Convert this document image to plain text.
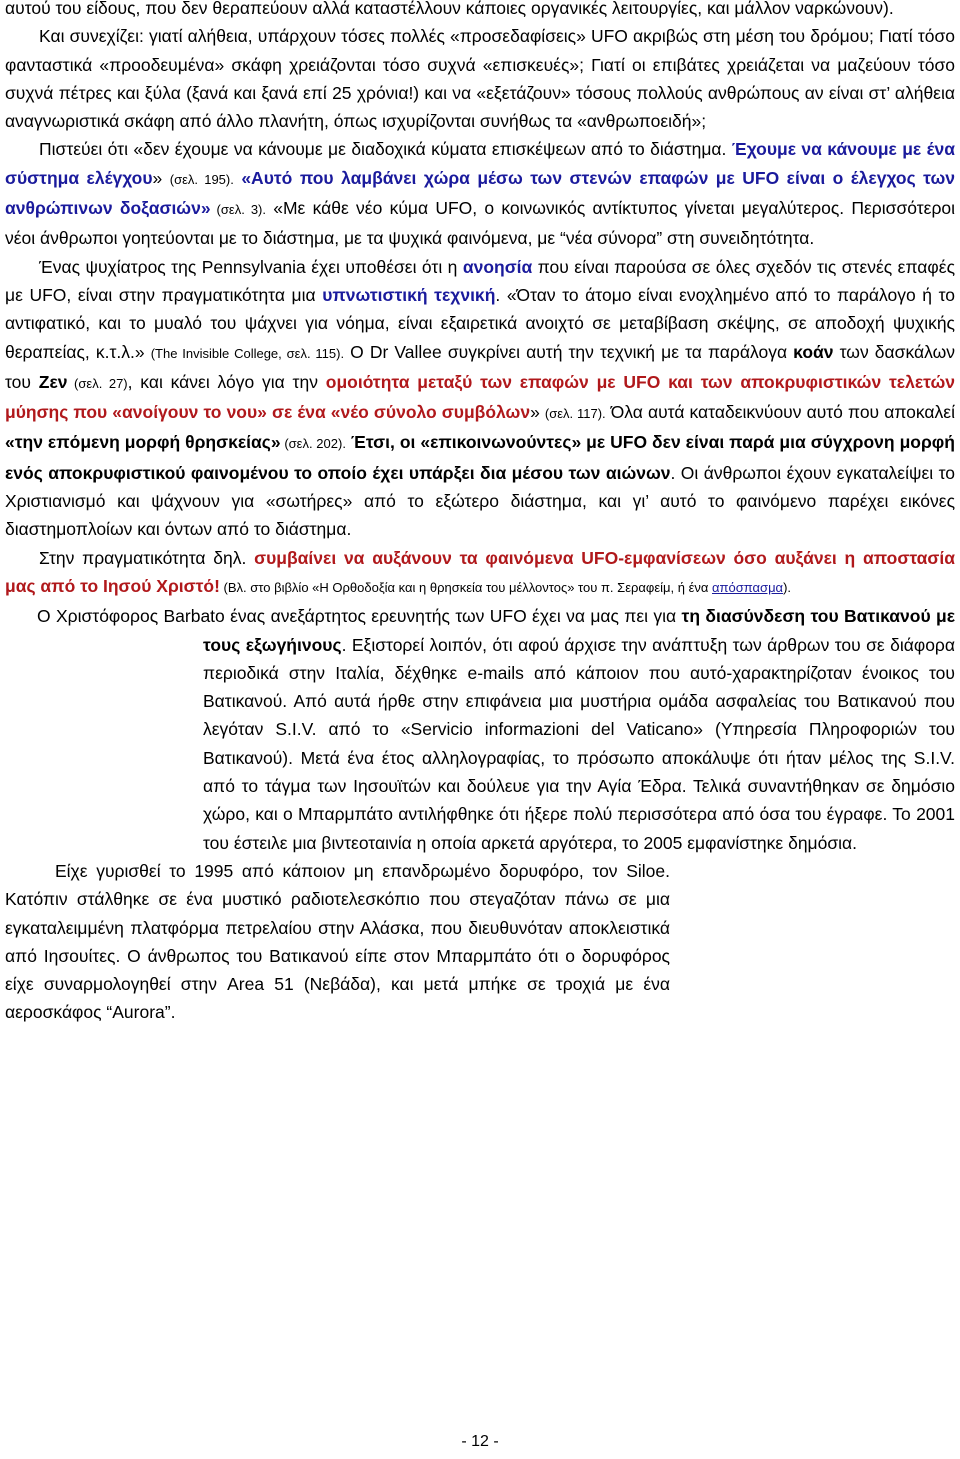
αυτού του είδους, που δεν θεραπεύουν αλλά καταστέλλουν κάποιες οργανικές λειτουργίες, και μάλλον ναρκώνουν).

Και συνεχίζει: γιατί αλήθεια, υπάρχουν τόσες πολλές «προσεδαφίσεις» UFO ακριβώς στη μέση του δρόμου; Γιατί τόσο φανταστικά «προοδευμένα» σκάφη χρειάζονται τόσο συχνά «επισκευές»; Γιατί οι επιβάτες χρειάζεται να μαζεύουν τόσο συχνά πέτρες και ξύλα (ξανά και ξανά επί 25 χρόνια!) και να «εξετάζουν» τόσους πολλούς ανθρώπους αν είναι στ’ αλήθεια αναγνωριστικά σκάφη από άλλο πλανήτη, όπως ισχυρίζονται συνήθως τα «ανθρωποειδή»;

Πιστεύει ότι «δεν έχουμε να κάνουμε με διαδοχικά κύματα επισκέψεων από το διάστημα. Έχουμε να κάνουμε με ένα σύστημα ελέγχου» (σελ. 195). «Αυτό που λαμβάνει χώρα μέσω των στενών επαφών με UFO είναι ο έλεγχος των ανθρώπινων δοξασιών» (σελ. 3). «Με κάθε νέο κύμα UFO, ο κοινωνικός αντίκτυπος γίνεται μεγαλύτερος. Περισσότεροι νέοι άνθρωποι γοητεύονται με το διάστημα, με τα ψυχικά φαινόμενα, με “νέα σύνορα” στη συνειδητότητα.

Ένας ψυχίατρος της Pennsylvania έχει υποθέσει ότι η ανοησία που είναι παρούσα σε όλες σχεδόν τις στενές επαφές με UFO, είναι στην πραγματικότητα μια υπνωτιστική τεχνική. «Όταν το άτομο είναι ενοχλημένο από το παράλογο ή το αντιφατικό, και το μυαλό του ψάχνει για νόημα, είναι εξαιρετικά ανοιχτό σε μεταβίβαση σκέψης, σε αποδοχή ψυχικής θεραπείας, κ.τ.λ.» (The Invisible College, σελ. 115). Ο Dr Vallee συγκρίνει αυτή την τεχνική με τα παράλογα κοάν των δασκάλων του Ζεν (σελ. 27), και κάνει λόγο για την ομοιότητα μεταξύ των επαφών με UFO και των αποκρυφιστικών τελετών μύησης που «ανοίγουν το νου» σε ένα «νέο σύνολο συμβόλων» (σελ. 117). Όλα αυτά καταδεικνύουν αυτό που αποκαλεί «την επόμενη μορφή θρησκείας» (σελ. 202). Έτσι, οι «επικοινωνούντες» με UFO δεν είναι παρά μια σύγχρονη μορφή ενός αποκρυφιστικού φαινομένου το οποίο έχει υπάρξει δια μέσου των αιώνων. Οι άνθρωποι έχουν εγκαταλείψει το Χριστιανισμό και ψάχνουν για «σωτήρες» από το εξώτερο διάστημα, και γι’ αυτό το φαινόμενο παρέχει εικόνες διαστημοπλοίων και όντων από το διάστημα.

Στην πραγματικότητα δηλ. συμβαίνει να αυξάνουν τα φαινόμενα UFO-εμφανίσεων όσο αυξάνει η αποστασία μας από το Ιησού Χριστό! (Βλ. στο βιβλίο «Η Ορθοδοξία και η θρησκεία του μέλλοντος» του π. Σεραφείμ, ή ένα απόσπασμα).

Ο Χριστόφορος Barbato ένας ανεξάρτητος ερευνητής των UFO έχει να μας πει για τη διασύνδεση του Βατικανού με τους εξωγήινους. Εξιστορεί λοιπόν, ότι αφού άρχισε την ανάπτυξη των άρθρων του σε διάφορα περιοδικά στην Ιταλία, δέχθηκε e-mails από κάποιον που αυτό-χαρακτηρίζοταν ένοικος του Βατικανού. Από αυτά ήρθε στην επιφάνεια μια μυστήρια ομάδα ασφαλείας του Βατικανού που λεγόταν S.I.V. από το «Servicio informazioni del Vaticano» (Υπηρεσία Πληροφοριών του Βατικανού). Μετά ένα έτος αλληλογραφίας, το πρόσωπο αποκάλυψε ότι ήταν μέλος της S.I.V. από το τάγμα των Ιησουϊτών και δούλευε για την Αγία Έδρα. Τελικά συναντήθηκαν σε δημόσιο χώρο, και ο Μπαρμπάτο αντιλήφθηκε ότι ήξερε πολύ περισσότερα από όσα του έγραφε. Το 2001 του έστειλε μια βιντεοταινία η οποία αρκετά αργότερα, το 2005 εμφανίστηκε δημόσια.

Είχε γυρισθεί το 1995 από κάποιον μη επανδρωμένο δορυφόρο, τον Siloe. Κατόπιν στάλθηκε σε ένα μυστικό ραδιοτελεσκόπιο που στεγαζόταν πάνω σε μια εγκαταλειμμένη πλατφόρμα πετρελαίου στην Αλάσκα, που διευθυνόταν αποκλειστικά από Ιησουίτες. Ο άνθρωπος του Βατικανού είπε στον Μπαρμπάτο ότι ο δορυφόρος είχε συναρμολογηθεί στην Area 51 (Νεβάδα), και μετά μπήκε σε τροχιά με ένα αεροσκάφος “Aurora”.

- 12 -
